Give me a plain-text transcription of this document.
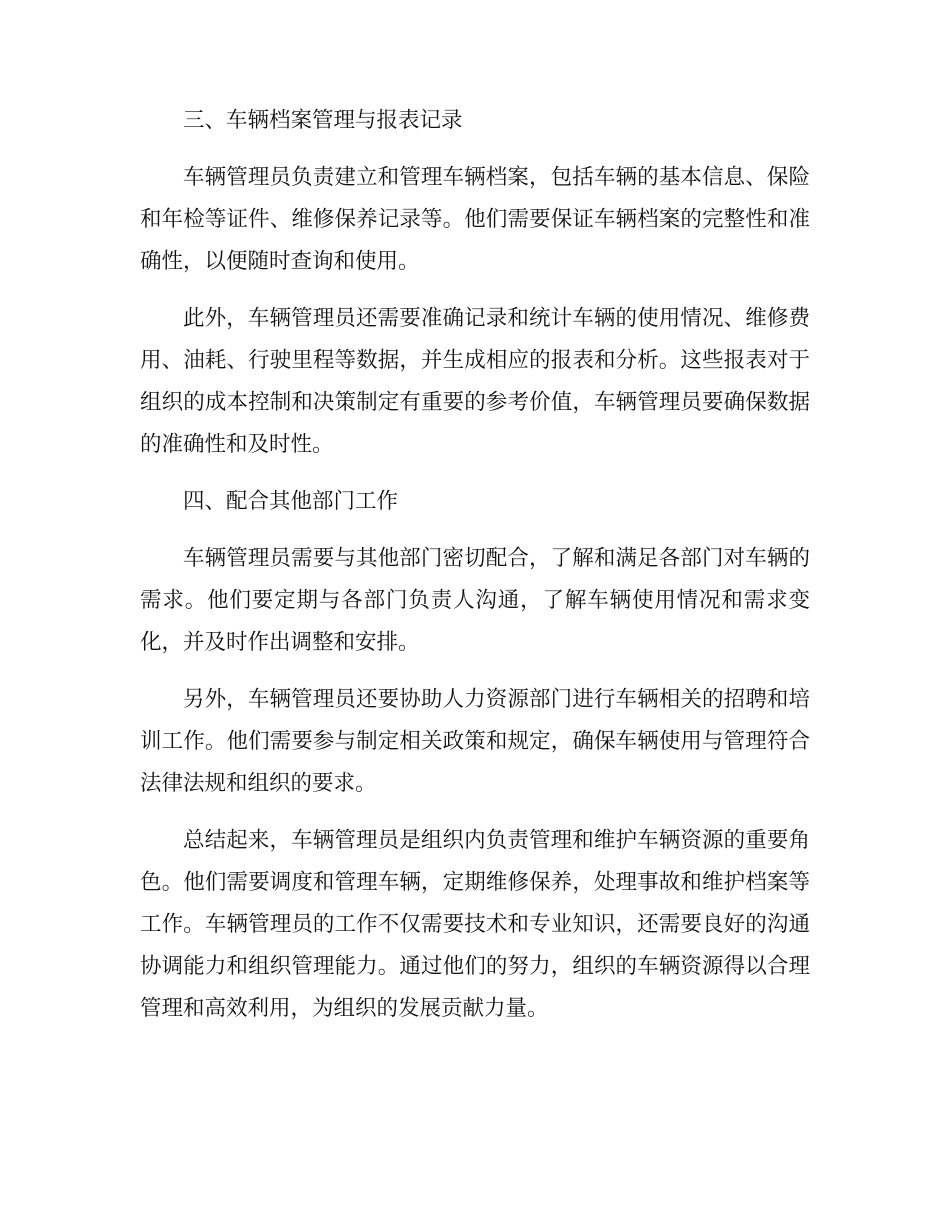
三、车辆档案管理与报表记录

车辆管理员负责建立和管理车辆档案，包括车辆的基本信息、保险和年检等证件、维修保养记录等。他们需要保证车辆档案的完整性和准确性，以便随时查询和使用。

此外，车辆管理员还需要准确记录和统计车辆的使用情况、维修费用、油耗、行驶里程等数据，并生成相应的报表和分析。这些报表对于组织的成本控制和决策制定有重要的参考价值，车辆管理员要确保数据的准确性和及时性。

四、配合其他部门工作

车辆管理员需要与其他部门密切配合，了解和满足各部门对车辆的需求。他们要定期与各部门负责人沟通，了解车辆使用情况和需求变化，并及时作出调整和安排。

另外，车辆管理员还要协助人力资源部门进行车辆相关的招聘和培训工作。他们需要参与制定相关政策和规定，确保车辆使用与管理符合法律法规和组织的要求。

总结起来，车辆管理员是组织内负责管理和维护车辆资源的重要角色。他们需要调度和管理车辆，定期维修保养，处理事故和维护档案等工作。车辆管理员的工作不仅需要技术和专业知识，还需要良好的沟通协调能力和组织管理能力。通过他们的努力，组织的车辆资源得以合理管理和高效利用，为组织的发展贡献力量。
